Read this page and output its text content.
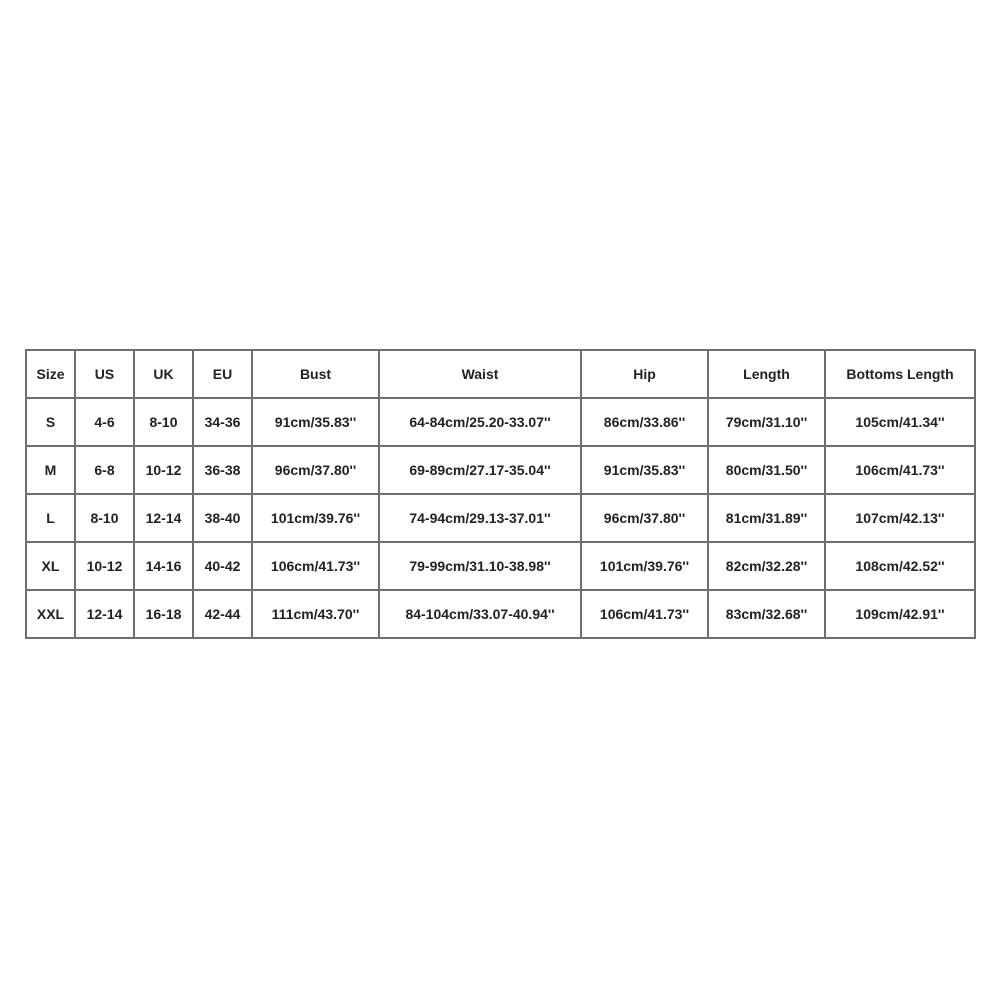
Size	US	UK	EU	Bust	Waist	Hip	Length	Bottoms Length
S	4-6	8-10	34-36	91cm/35.83''	64-84cm/25.20-33.07''	86cm/33.86''	79cm/31.10''	105cm/41.34''
M	6-8	10-12	36-38	96cm/37.80''	69-89cm/27.17-35.04''	91cm/35.83''	80cm/31.50''	106cm/41.73''
L	8-10	12-14	38-40	101cm/39.76''	74-94cm/29.13-37.01''	96cm/37.80''	81cm/31.89''	107cm/42.13''
XL	10-12	14-16	40-42	106cm/41.73''	79-99cm/31.10-38.98''	101cm/39.76''	82cm/32.28''	108cm/42.52''
XXL	12-14	16-18	42-44	111cm/43.70''	84-104cm/33.07-40.94''	106cm/41.73''	83cm/32.68''	109cm/42.91''
